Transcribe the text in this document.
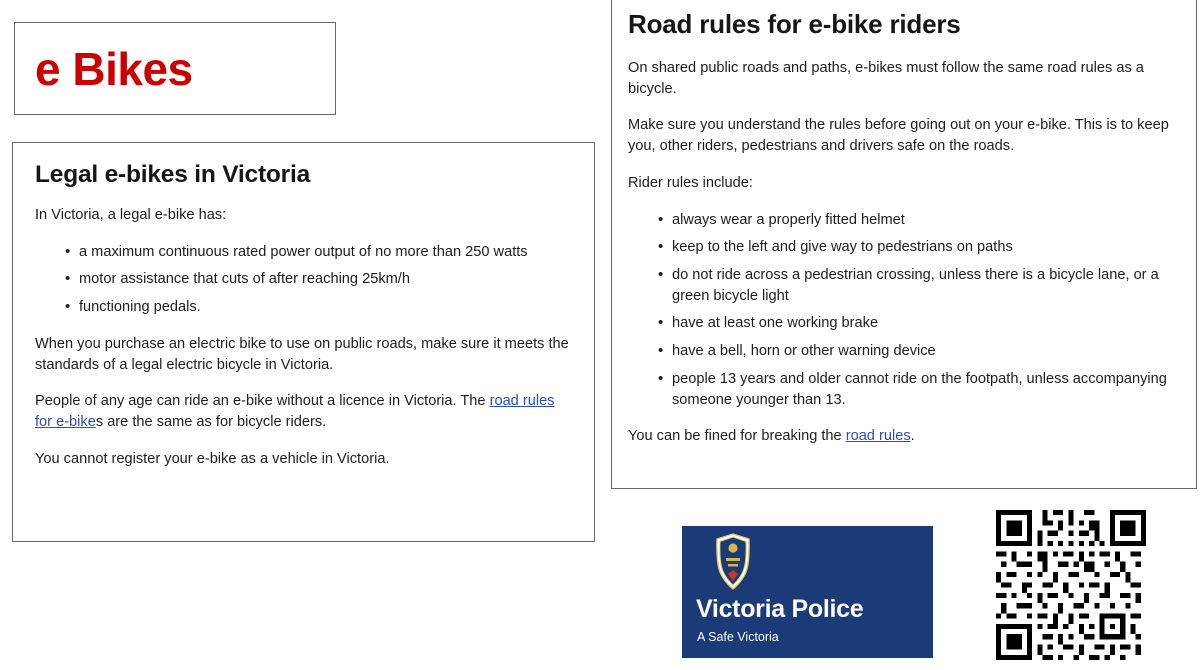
e Bikes
Legal e-bikes in Victoria

In Victoria, a legal e-bike has:

• a maximum continuous rated power output of no more than 250 watts
• motor assistance that cuts of after reaching 25km/h
• functioning pedals.

When you purchase an electric bike to use on public roads, make sure it meets the standards of a legal electric bicycle in Victoria.

People of any age can ride an e-bike without a licence in Victoria. The road rules for e-bikes are the same as for bicycle riders.

You cannot register your e-bike as a vehicle in Victoria.

Road rules for e-bike riders

On shared public roads and paths, e-bikes must follow the same road rules as a bicycle.

Make sure you understand the rules before going out on your e-bike. This is to keep you, other riders, pedestrians and drivers safe on the roads.

Rider rules include:

• always wear a properly fitted helmet
• keep to the left and give way to pedestrians on paths
• do not ride across a pedestrian crossing, unless there is a bicycle lane, or a green bicycle light
• have at least one working brake
• have a bell, horn or other warning device
• people 13 years and older cannot ride on the footpath, unless accompanying someone younger than 13.

You can be fined for breaking the road rules.

Victoria Police
A Safe Victoria
